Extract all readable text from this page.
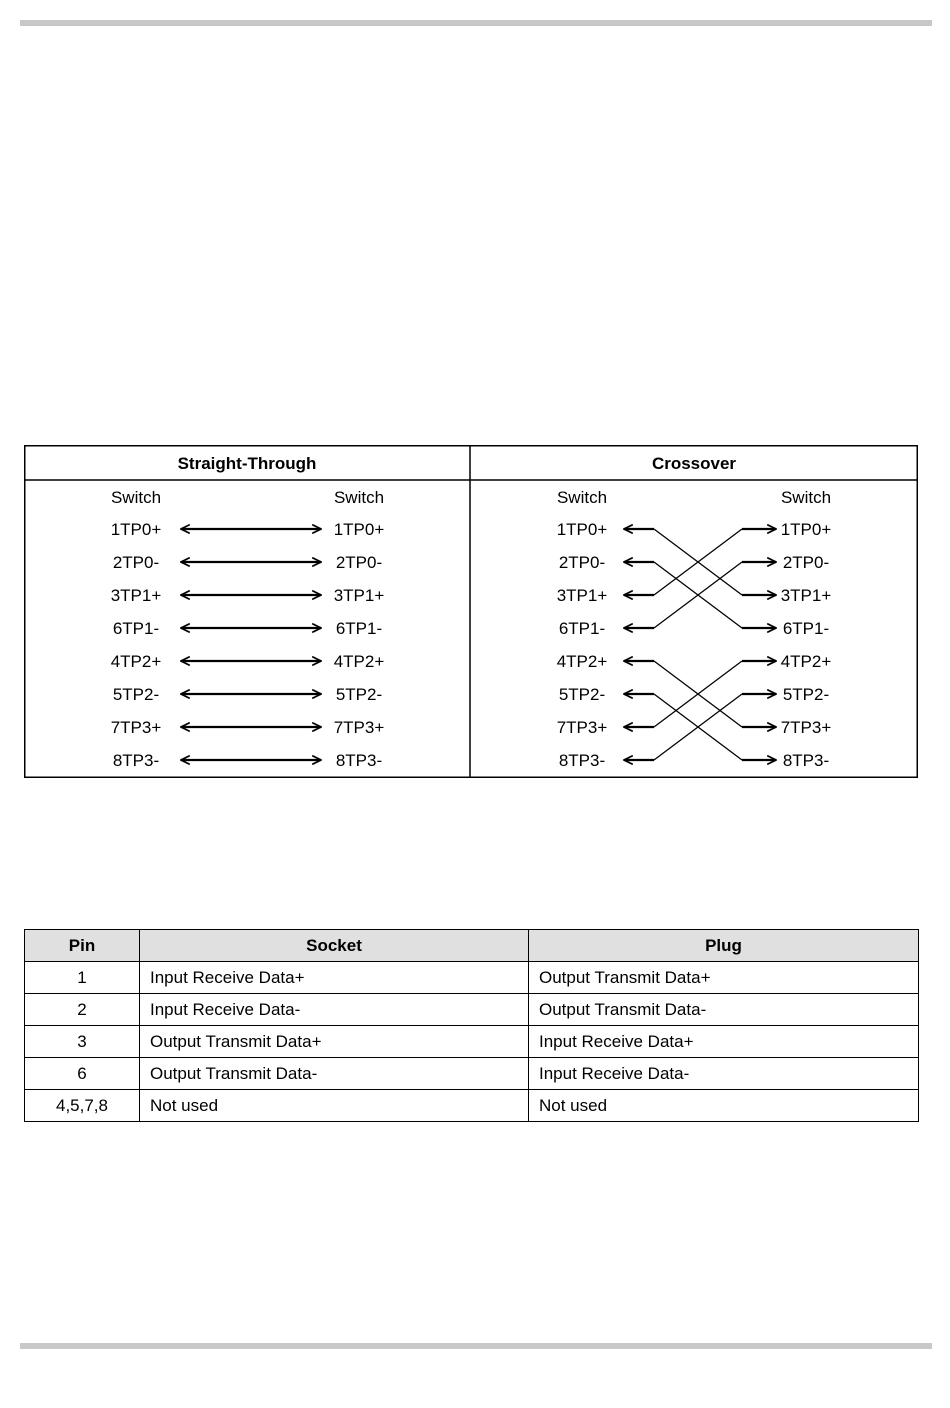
Straight-Through	Crossover
Switch	Switch	Switch	Switch
1TP0+	1TP0+
2TP0-	2TP0-
3TP1+	3TP1+
6TP1-	6TP1-
4TP2+	4TP2+
5TP2-	5TP2-
7TP3+	7TP3+
8TP3-	8TP3-
1TP0+	1TP0+
2TP0-	2TP0-
3TP1+	3TP1+
6TP1-	6TP1-
4TP2+	4TP2+
5TP2-	5TP2-
7TP3+	7TP3+
8TP3-	8TP3-
Pin	Socket	Plug
1	Input Receive Data+	Output Transmit Data+
2	Input Receive Data-	Output Transmit Data-
3	Output Transmit Data+	Input Receive Data+
6	Output Transmit Data-	Input Receive Data-
4,5,7,8	Not used	Not used
